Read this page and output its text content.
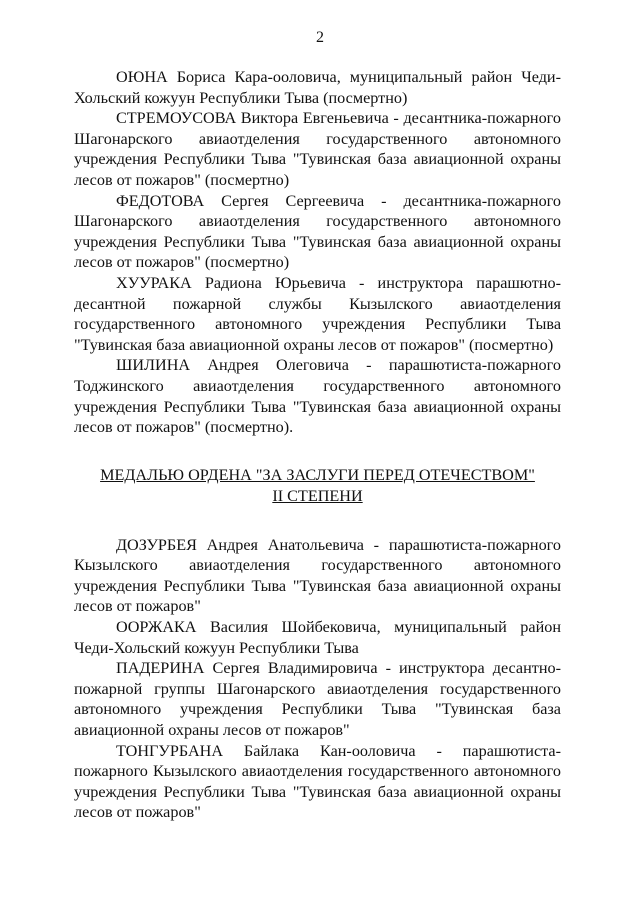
2

ОЮНА Бориса Кара-ооловича, муниципальный район Чеди-Хольский кожуун Республики Тыва (посмертно)

СТРЕМОУСОВА Виктора Евгеньевича - десантника-пожарного Шагонарского авиаотделения государственного автономного учреждения Республики Тыва "Тувинская база авиационной охраны лесов от пожаров" (посмертно)

ФЕДОТОВА Сергея Сергеевича - десантника-пожарного Шагонарского авиаотделения государственного автономного учреждения Республики Тыва "Тувинская база авиационной охраны лесов от пожаров" (посмертно)

ХУУРАКА Радиона Юрьевича - инструктора парашютно-десантной пожарной службы Кызылского авиаотделения государственного автономного учреждения Республики Тыва "Тувинская база авиационной охраны лесов от пожаров" (посмертно)

ШИЛИНА Андрея Олеговича - парашютиста-пожарного Тоджинского авиаотделения государственного автономного учреждения Республики Тыва "Тувинская база авиационной охраны лесов от пожаров" (посмертно).

МЕДАЛЬЮ ОРДЕНА "ЗА ЗАСЛУГИ ПЕРЕД ОТЕЧЕСТВОМ"
II СТЕПЕНИ

ДОЗУРБЕЯ Андрея Анатольевича - парашютиста-пожарного Кызылского авиаотделения государственного автономного учреждения Республики Тыва "Тувинская база авиационной охраны лесов от пожаров"

ООРЖАКА Василия Шойбековича, муниципальный район Чеди-Хольский кожуун Республики Тыва

ПАДЕРИНА Сергея Владимировича - инструктора десантно-пожарной группы Шагонарского авиаотделения государственного автономного учреждения Республики Тыва "Тувинская база авиационной охраны лесов от пожаров"

ТОНГУРБАНА Байлака Кан-ооловича - парашютиста-пожарного Кызылского авиаотделения государственного автономного учреждения Республики Тыва "Тувинская база авиационной охраны лесов от пожаров"
